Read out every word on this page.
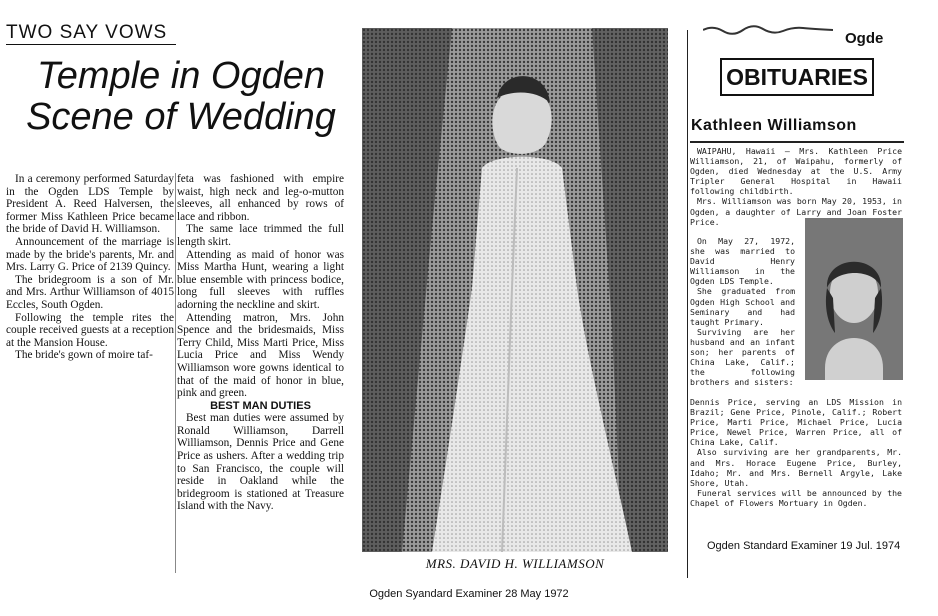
TWO SAY VOWS
Temple in Ogden
Scene of Wedding

In a ceremony performed Saturday in the Ogden LDS Temple by President A. Reed Halversen, the former Miss Kathleen Price became the bride of David H. Williamson.

Announcement of the marriage is made by the bride's parents, Mr. and Mrs. Larry G. Price of 2139 Quincy.

The bridegroom is a son of Mr. and Mrs. Arthur Williamson of 4015 Eccles, South Ogden.

Following the temple rites the couple received guests at a reception at the Mansion House.

The bride's gown of moire taf-

feta was fashioned with empire waist, high neck and leg-o-mutton sleeves, all enhanced by rows of lace and ribbon.

The same lace trimmed the full length skirt.

Attending as maid of honor was Miss Martha Hunt, wearing a light blue ensemble with princess bodice, long full sleeves with ruffles adorning the neckline and skirt.

Attending matron, Mrs. John Spence and the bridesmaids, Miss Terry Child, Miss Marti Price, Miss Lucia Price and Miss Wendy Williamson wore gowns identical to that of the maid of honor in blue, pink and green.

BEST MAN DUTIES

Best man duties were assumed by Ronald Williamson, Darrell Williamson, Dennis Price and Gene Price as ushers. After a wedding trip to San Francisco, the couple will reside in Oakland while the bridegroom is stationed at Treasure Island with the Navy.

MRS. DAVID H. WILLIAMSON
Ogde
OBITUARIES
Kathleen Williamson

WAIPAHU, Hawaii — Mrs. Kathleen Price Williamson, 21, of Waipahu, formerly of Ogden, died Wednesday at the U.S. Army Tripler General Hospital in Hawaii following childbirth.

Mrs. Williamson was born May 20, 1953, in Ogden, a daughter of Larry and Joan Foster Price.

On May 27, 1972, she was married to David Henry Williamson in the Ogden LDS Temple.

She graduated from Ogden High School and Seminary and had taught Primary.

Surviving are her husband and an infant son; her parents of China Lake, Calif.; the following brothers and sisters:

Dennis Price, serving an LDS Mission in Brazil; Gene Price, Pinole, Calif.; Robert Price, Marti Price, Michael Price, Lucia Price, Newel Price, Warren Price, all of China Lake, Calif.

Also surviving are her grandparents, Mr. and Mrs. Horace Eugene Price, Burley, Idaho; Mr. and Mrs. Bernell Argyle, Lake Shore, Utah.

Funeral services will be announced by the Chapel of Flowers Mortuary in Ogden.

Ogden Standard Examiner 19 Jul. 1974
Ogden Syandard Examiner 28 May 1972
